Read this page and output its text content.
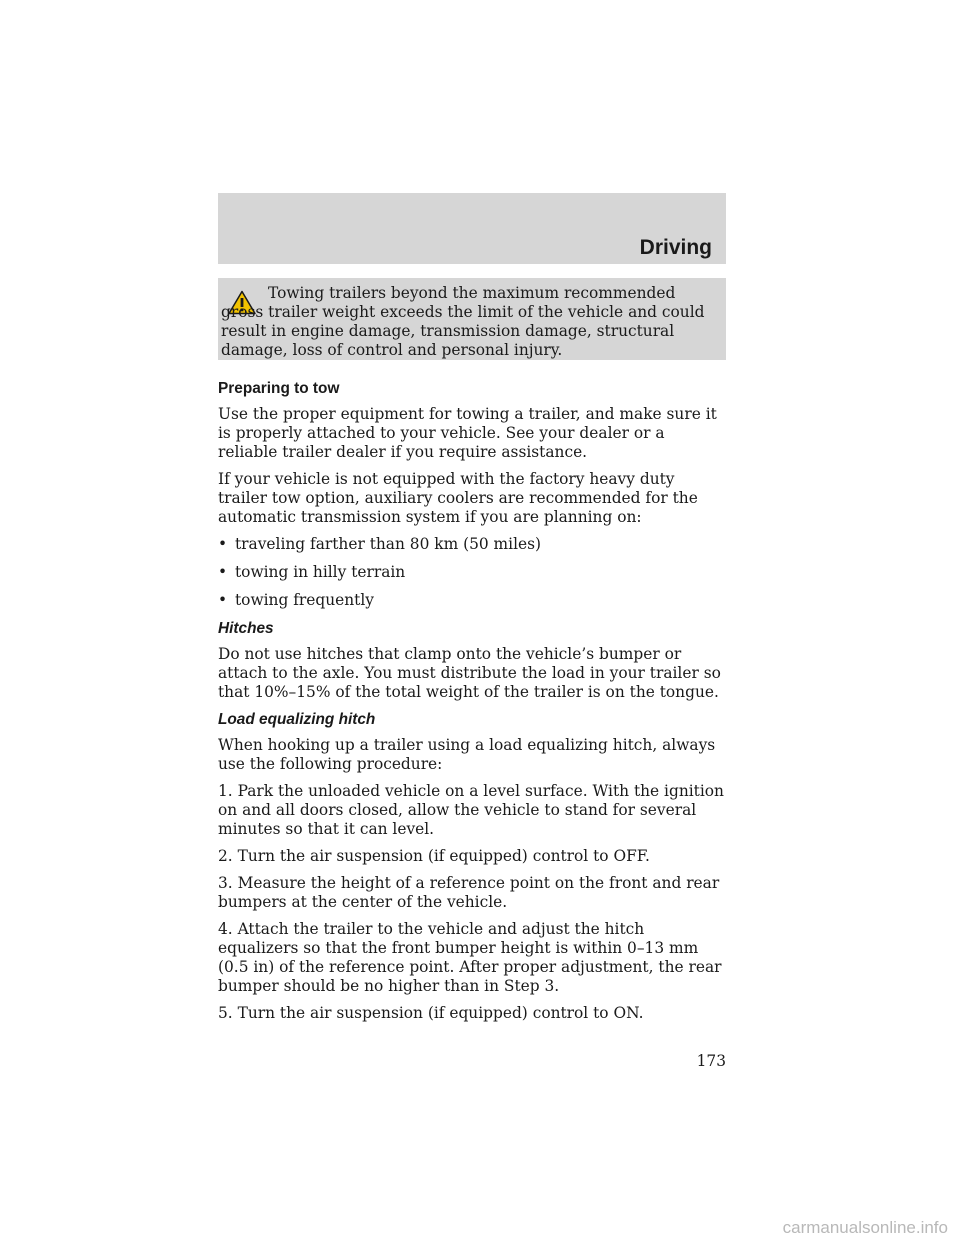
Driving

Towing trailers beyond the maximum recommended gross trailer weight exceeds the limit of the vehicle and could result in engine damage, transmission damage, structural damage, loss of control and personal injury.

Preparing to tow

Use the proper equipment for towing a trailer, and make sure it is properly attached to your vehicle. See your dealer or a reliable trailer dealer if you require assistance.

If your vehicle is not equipped with the factory heavy duty trailer tow option, auxiliary coolers are recommended for the automatic transmission system if you are planning on:

• traveling farther than 80 km (50 miles)
• towing in hilly terrain
• towing frequently
Hitches

Do not use hitches that clamp onto the vehicle’s bumper or attach to the axle. You must distribute the load in your trailer so that 10%–15% of the total weight of the trailer is on the tongue.

Load equalizing hitch

When hooking up a trailer using a load equalizing hitch, always use the following procedure:

1. Park the unloaded vehicle on a level surface. With the ignition on and all doors closed, allow the vehicle to stand for several minutes so that it can level.

2. Turn the air suspension (if equipped) control to OFF.

3. Measure the height of a reference point on the front and rear bumpers at the center of the vehicle.

4. Attach the trailer to the vehicle and adjust the hitch equalizers so that the front bumper height is within 0–13 mm (0.5 in) of the reference point. After proper adjustment, the rear bumper should be no higher than in Step 3.

5. Turn the air suspension (if equipped) control to ON.

173
carmanualsonline.info
